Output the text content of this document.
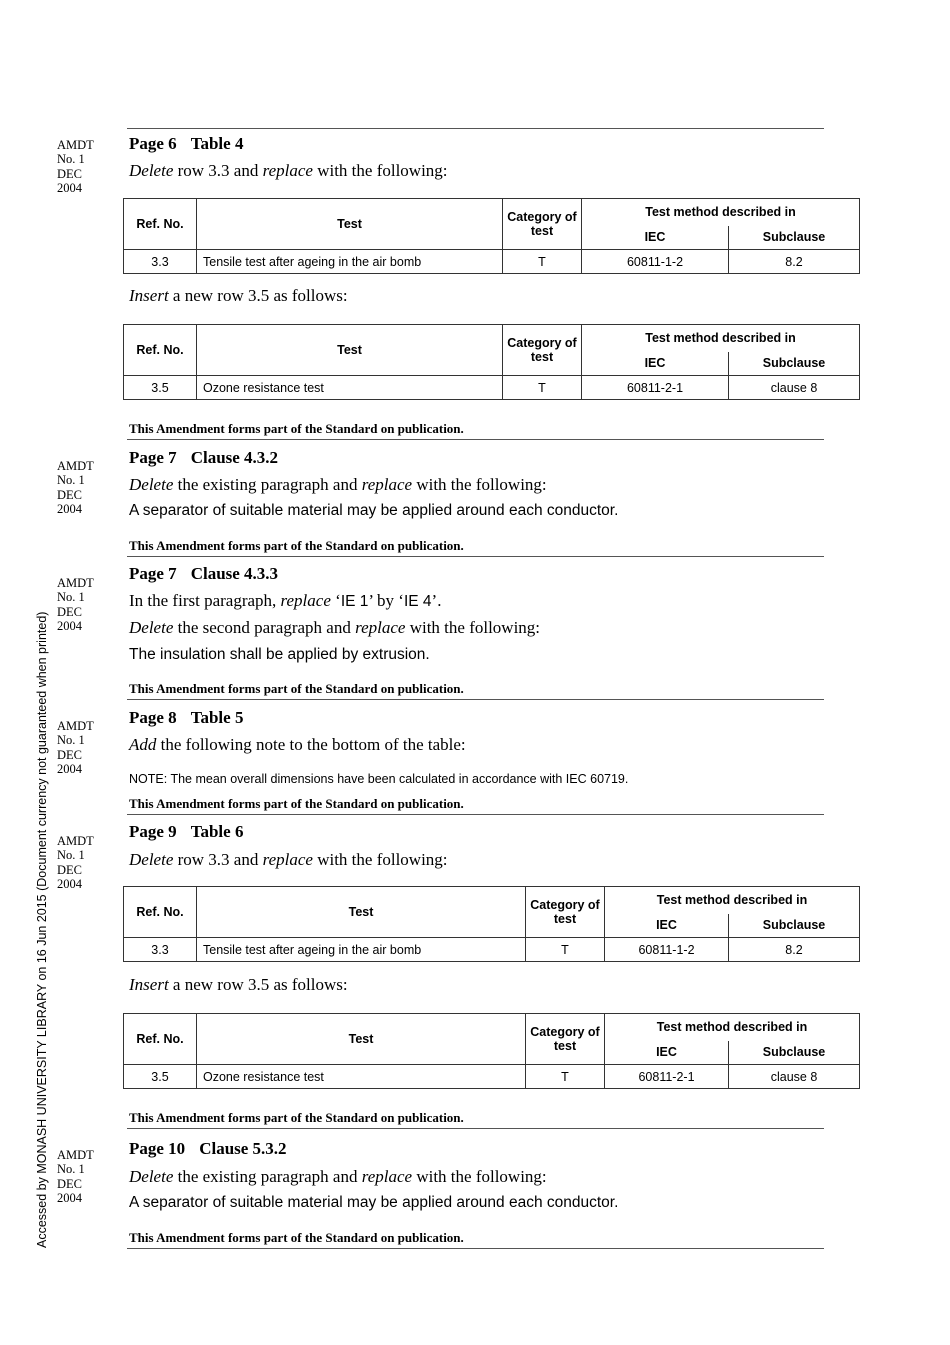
Accessed by MONASH UNIVERSITY LIBRARY on 16 Jun 2015 (Document currency not guaranteed when printed)
AMDT
No. 1
DEC
2004
Page 6 Table 4
Delete row 3.3 and replace with the following:
Ref. No.	Test	Category of test	Test method described in	
			IEC	Subclause
3.3	Tensile test after ageing in the air bomb	T	60811-1-2	8.2
Insert a new row 3.5 as follows:
Ref. No.	Test	Category of test	Test method described in	
			IEC	Subclause
3.5	Ozone resistance test	T	60811-2-1	clause 8
This Amendment forms part of the Standard on publication.
AMDT
No. 1
DEC
2004
Page 7 Clause 4.3.2
Delete the existing paragraph and replace with the following:
A separator of suitable material may be applied around each conductor.
This Amendment forms part of the Standard on publication.
AMDT
No. 1
DEC
2004
Page 7 Clause 4.3.3
In the first paragraph, replace ‘IE 1’ by ‘IE 4’.
Delete the second paragraph and replace with the following:
The insulation shall be applied by extrusion.
This Amendment forms part of the Standard on publication.
AMDT
No. 1
DEC
2004
Page 8 Table 5
Add the following note to the bottom of the table:
NOTE: The mean overall dimensions have been calculated in accordance with IEC 60719.
This Amendment forms part of the Standard on publication.
AMDT
No. 1
DEC
2004
Page 9 Table 6
Delete row 3.3 and replace with the following:
Ref. No.	Test	Category of test	Test method described in	
			IEC	Subclause
3.3	Tensile test after ageing in the air bomb	T	60811-1-2	8.2
Insert a new row 3.5 as follows:
Ref. No.	Test	Category of test	Test method described in	
			IEC	Subclause
3.5	Ozone resistance test	T	60811-2-1	clause 8
This Amendment forms part of the Standard on publication.
AMDT
No. 1
DEC
2004
Page 10 Clause 5.3.2
Delete the existing paragraph and replace with the following:
A separator of suitable material may be applied around each conductor.
This Amendment forms part of the Standard on publication.
